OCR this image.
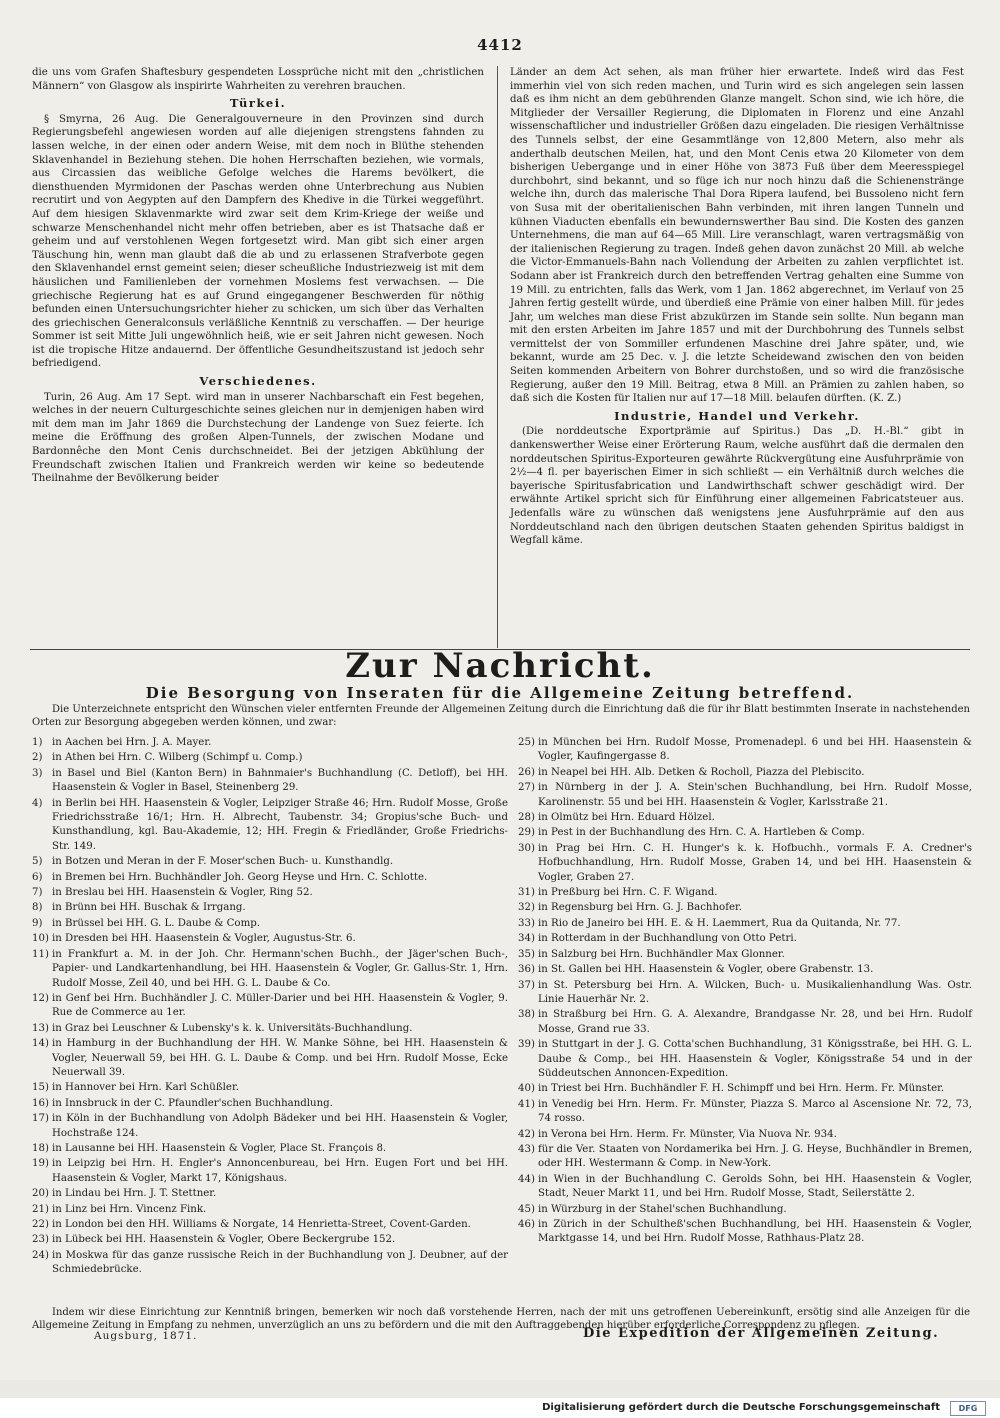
4412

die uns vom Grafen Shaftesbury gespendeten Lossprüche nicht mit den „christlichen Männern“ von Glasgow als inspirirte Wahrheiten zu verehren brauchen.

Türkei.

§ Smyrna, 26 Aug. Die Generalgouverneure in den Provinzen sind durch Regierungsbefehl angewiesen worden auf alle diejenigen strengstens fahnden zu lassen welche, in der einen oder andern Weise, mit dem noch in Blüthe stehenden Sklavenhandel in Beziehung stehen. Die hohen Herrschaften beziehen, wie vormals, aus Circassien das weibliche Gefolge welches die Harems bevölkert, die diensthuenden Myrmidonen der Paschas werden ohne Unterbrechung aus Nubien recrutirt und von Aegypten auf den Dampfern des Khedive in die Türkei weggeführt. Auf dem hiesigen Sklavenmarkte wird zwar seit dem Krim-Kriege der weiße und schwarze Menschenhandel nicht mehr offen betrieben, aber es ist Thatsache daß er geheim und auf verstohlenen Wegen fortgesetzt wird. Man gibt sich einer argen Täuschung hin, wenn man glaubt daß die ab und zu erlassenen Strafverbote gegen den Sklavenhandel ernst gemeint seien; dieser scheußliche Industriezweig ist mit dem häuslichen und Familienleben der vornehmen Moslems fest verwachsen. — Die griechische Regierung hat es auf Grund eingegangener Beschwerden für nöthig befunden einen Untersuchungsrichter hieher zu schicken, um sich über das Verhalten des griechischen Generalconsuls verläßliche Kenntniß zu verschaffen. — Der heurige Sommer ist seit Mitte Juli ungewöhnlich heiß, wie er seit Jahren nicht gewesen. Noch ist die tropische Hitze andauernd. Der öffentliche Gesundheitszustand ist jedoch sehr befriedigend.

Verschiedenes.

Turin, 26 Aug. Am 17 Sept. wird man in unserer Nachbarschaft ein Fest begehen, welches in der neuern Culturgeschichte seines gleichen nur in demjenigen haben wird mit dem man im Jahr 1869 die Durchstechung der Landenge von Suez feierte. Ich meine die Eröffnung des großen Alpen-Tunnels, der zwischen Modane und Bardonnêche den Mont Cenis durchschneidet. Bei der jetzigen Abkühlung der Freundschaft zwischen Italien und Frankreich werden wir keine so bedeutende Theilnahme der Bevölkerung beider

Länder an dem Act sehen, als man früher hier erwartete. Indeß wird das Fest immerhin viel von sich reden machen, und Turin wird es sich angelegen sein lassen daß es ihm nicht an dem gebührenden Glanze mangelt. Schon sind, wie ich höre, die Mitglieder der Versailler Regierung, die Diplomaten in Florenz und eine Anzahl wissenschaftlicher und industrieller Größen dazu eingeladen. Die riesigen Verhältnisse des Tunnels selbst, der eine Gesammtlänge von 12,800 Metern, also mehr als anderthalb deutschen Meilen, hat, und den Mont Cenis etwa 20 Kilometer von dem bisherigen Uebergange und in einer Höhe von 3873 Fuß über dem Meeresspiegel durchbohrt, sind bekannt, und so füge ich nur noch hinzu daß die Schienenstränge welche ihn, durch das malerische Thal Dora Ripera laufend, bei Bussoleno nicht fern von Susa mit der oberitalienischen Bahn verbinden, mit ihren langen Tunneln und kühnen Viaducten ebenfalls ein bewundernswerther Bau sind. Die Kosten des ganzen Unternehmens, die man auf 64—65 Mill. Lire veranschlagt, waren vertragsmäßig von der italienischen Regierung zu tragen. Indeß gehen davon zunächst 20 Mill. ab welche die Victor-Emmanuels-Bahn nach Vollendung der Arbeiten zu zahlen verpflichtet ist. Sodann aber ist Frankreich durch den betreffenden Vertrag gehalten eine Summe von 19 Mill. zu entrichten, falls das Werk, vom 1 Jan. 1862 abgerechnet, im Verlauf von 25 Jahren fertig gestellt würde, und überdieß eine Prämie von einer halben Mill. für jedes Jahr, um welches man diese Frist abzukürzen im Stande sein sollte. Nun begann man mit den ersten Arbeiten im Jahre 1857 und mit der Durchbohrung des Tunnels selbst vermittelst der von Sommiller erfundenen Maschine drei Jahre später, und, wie bekannt, wurde am 25 Dec. v. J. die letzte Scheidewand zwischen den von beiden Seiten kommenden Arbeitern von Bohrer durchstoßen, und so wird die französische Regierung, außer den 19 Mill. Beitrag, etwa 8 Mill. an Prämien zu zahlen haben, so daß sich die Kosten für Italien nur auf 17—18 Mill. belaufen dürften. (K. Z.)

Industrie, Handel und Verkehr.

(Die norddeutsche Exportprämie auf Spiritus.) Das „D. H.-Bl.“ gibt in dankenswerther Weise einer Erörterung Raum, welche ausführt daß die dermalen den norddeutschen Spiritus-Exporteuren gewährte Rückvergütung eine Ausfuhrprämie von 2½—4 fl. per bayerischen Eimer in sich schließt — ein Verhältniß durch welches die bayerische Spiritusfabrication und Landwirthschaft schwer geschädigt wird. Der erwähnte Artikel spricht sich für Einführung einer allgemeinen Fabricatsteuer aus. Jedenfalls wäre zu wünschen daß wenigstens jene Ausfuhrprämie auf den aus Norddeutschland nach den übrigen deutschen Staaten gehenden Spiritus baldigst in Wegfall käme.

Zur Nachricht.
Die Besorgung von Inseraten für die Allgemeine Zeitung betreffend.

Die Unterzeichnete entspricht den Wünschen vieler entfernten Freunde der Allgemeinen Zeitung durch die Einrichtung daß die für ihr Blatt bestimmten Inserate in nachstehenden Orten zur Besorgung abgegeben werden können, und zwar:

1) in Aachen bei Hrn. J. A. Mayer.
2) in Athen bei Hrn. C. Wilberg (Schimpf u. Comp.)
3) in Basel und Biel (Kanton Bern) in Bahnmaier's Buchhandlung (C. Detloff), bei HH. Haasenstein & Vogler in Basel, Steinenberg 29.
4) in Berlin bei HH. Haasenstein & Vogler, Leipziger Straße 46; Hrn. Rudolf Mosse, Große Friedrichsstraße 16/1; Hrn. H. Albrecht, Taubenstr. 34; Gropius'sche Buch- und Kunsthandlung, kgl. Bau-Akademie, 12; HH. Fregin & Friedländer, Große Friedrichs-Str. 149.
5) in Botzen und Meran in der F. Moser'schen Buch- u. Kunsthandlg.
6) in Bremen bei Hrn. Buchhändler Joh. Georg Heyse und Hrn. C. Schlotte.
7) in Breslau bei HH. Haasenstein & Vogler, Ring 52.
8) in Brünn bei HH. Buschak & Irrgang.
9) in Brüssel bei HH. G. L. Daube & Comp.
10) in Dresden bei HH. Haasenstein & Vogler, Augustus-Str. 6.
11) in Frankfurt a. M. in der Joh. Chr. Hermann'schen Buchh., der Jäger'schen Buch-, Papier- und Landkartenhandlung, bei HH. Haasenstein & Vogler, Gr. Gallus-Str. 1, Hrn. Rudolf Mosse, Zeil 40, und bei HH. G. L. Daube & Co.
12) in Genf bei Hrn. Buchhändler J. C. Müller-Darier und bei HH. Haasenstein & Vogler, 9. Rue de Commerce au 1er.
13) in Graz bei Leuschner & Lubensky's k. k. Universitäts-Buchhandlung.
14) in Hamburg in der Buchhandlung der HH. W. Manke Söhne, bei HH. Haasenstein & Vogler, Neuerwall 59, bei HH. G. L. Daube & Comp. und bei Hrn. Rudolf Mosse, Ecke Neuerwall 39.
15) in Hannover bei Hrn. Karl Schüßler.
16) in Innsbruck in der C. Pfaundler'schen Buchhandlung.
17) in Köln in der Buchhandlung von Adolph Bädeker und bei HH. Haasenstein & Vogler, Hochstraße 124.
18) in Lausanne bei HH. Haasenstein & Vogler, Place St. François 8.
19) in Leipzig bei Hrn. H. Engler's Annoncenbureau, bei Hrn. Eugen Fort und bei HH. Haasenstein & Vogler, Markt 17, Königshaus.
20) in Lindau bei Hrn. J. T. Stettner.
21) in Linz bei Hrn. Vincenz Fink.
22) in London bei den HH. Williams & Norgate, 14 Henrietta-Street, Covent-Garden.
23) in Lübeck bei HH. Haasenstein & Vogler, Obere Beckergrube 152.
24) in Moskwa für das ganze russische Reich in der Buchhandlung von J. Deubner, auf der Schmiedebrücke.
25) in München bei Hrn. Rudolf Mosse, Promenadepl. 6 und bei HH. Haasenstein & Vogler, Kaufingergasse 8.
26) in Neapel bei HH. Alb. Detken & Rocholl, Piazza del Plebiscito.
27) in Nürnberg in der J. A. Stein'schen Buchhandlung, bei Hrn. Rudolf Mosse, Karolinenstr. 55 und bei HH. Haasenstein & Vogler, Karlsstraße 21.
28) in Olmütz bei Hrn. Eduard Hölzel.
29) in Pest in der Buchhandlung des Hrn. C. A. Hartleben & Comp.
30) in Prag bei Hrn. C. H. Hunger's k. k. Hofbuchh., vormals F. A. Credner's Hofbuchhandlung, Hrn. Rudolf Mosse, Graben 14, und bei HH. Haasenstein & Vogler, Graben 27.
31) in Preßburg bei Hrn. C. F. Wigand.
32) in Regensburg bei Hrn. G. J. Bachhofer.
33) in Rio de Janeiro bei HH. E. & H. Laemmert, Rua da Quitanda, Nr. 77.
34) in Rotterdam in der Buchhandlung von Otto Petri.
35) in Salzburg bei Hrn. Buchhändler Max Glonner.
36) in St. Gallen bei HH. Haasenstein & Vogler, obere Grabenstr. 13.
37) in St. Petersburg bei Hrn. A. Wilcken, Buch- u. Musikalienhandlung Was. Ostr. Linie Hauerhär Nr. 2.
38) in Straßburg bei Hrn. G. A. Alexandre, Brandgasse Nr. 28, und bei Hrn. Rudolf Mosse, Grand rue 33.
39) in Stuttgart in der J. G. Cotta'schen Buchhandlung, 31 Königsstraße, bei HH. G. L. Daube & Comp., bei HH. Haasenstein & Vogler, Königsstraße 54 und in der Süddeutschen Annoncen-Expedition.
40) in Triest bei Hrn. Buchhändler F. H. Schimpff und bei Hrn. Herm. Fr. Münster.
41) in Venedig bei Hrn. Herm. Fr. Münster, Piazza S. Marco al Ascensione Nr. 72, 73, 74 rosso.
42) in Verona bei Hrn. Herm. Fr. Münster, Via Nuova Nr. 934.
43) für die Ver. Staaten von Nordamerika bei Hrn. J. G. Heyse, Buchhändler in Bremen, oder HH. Westermann & Comp. in New-York.
44) in Wien in der Buchhandlung C. Gerolds Sohn, bei HH. Haasenstein & Vogler, Stadt, Neuer Markt 11, und bei Hrn. Rudolf Mosse, Stadt, Seilerstätte 2.
45) in Würzburg in der Stahel'schen Buchhandlung.
46) in Zürich in der Schultheß'schen Buchhandlung, bei HH. Haasenstein & Vogler, Marktgasse 14, und bei Hrn. Rudolf Mosse, Rathhaus-Platz 28.

Indem wir diese Einrichtung zur Kenntniß bringen, bemerken wir noch daß vorstehende Herren, nach der mit uns getroffenen Uebereinkunft, ersötig sind alle Anzeigen für die Allgemeine Zeitung in Empfang zu nehmen, unverzüglich an uns zu befördern und die mit den Auftraggebenden hierüber erforderliche Correspondenz zu pflegen.

Augsburg, 1871.	Die Expedition der Allgemeinen Zeitung.
Digitalisierung gefördert durch die Deutsche Forschungsgemeinschaft	DFG
